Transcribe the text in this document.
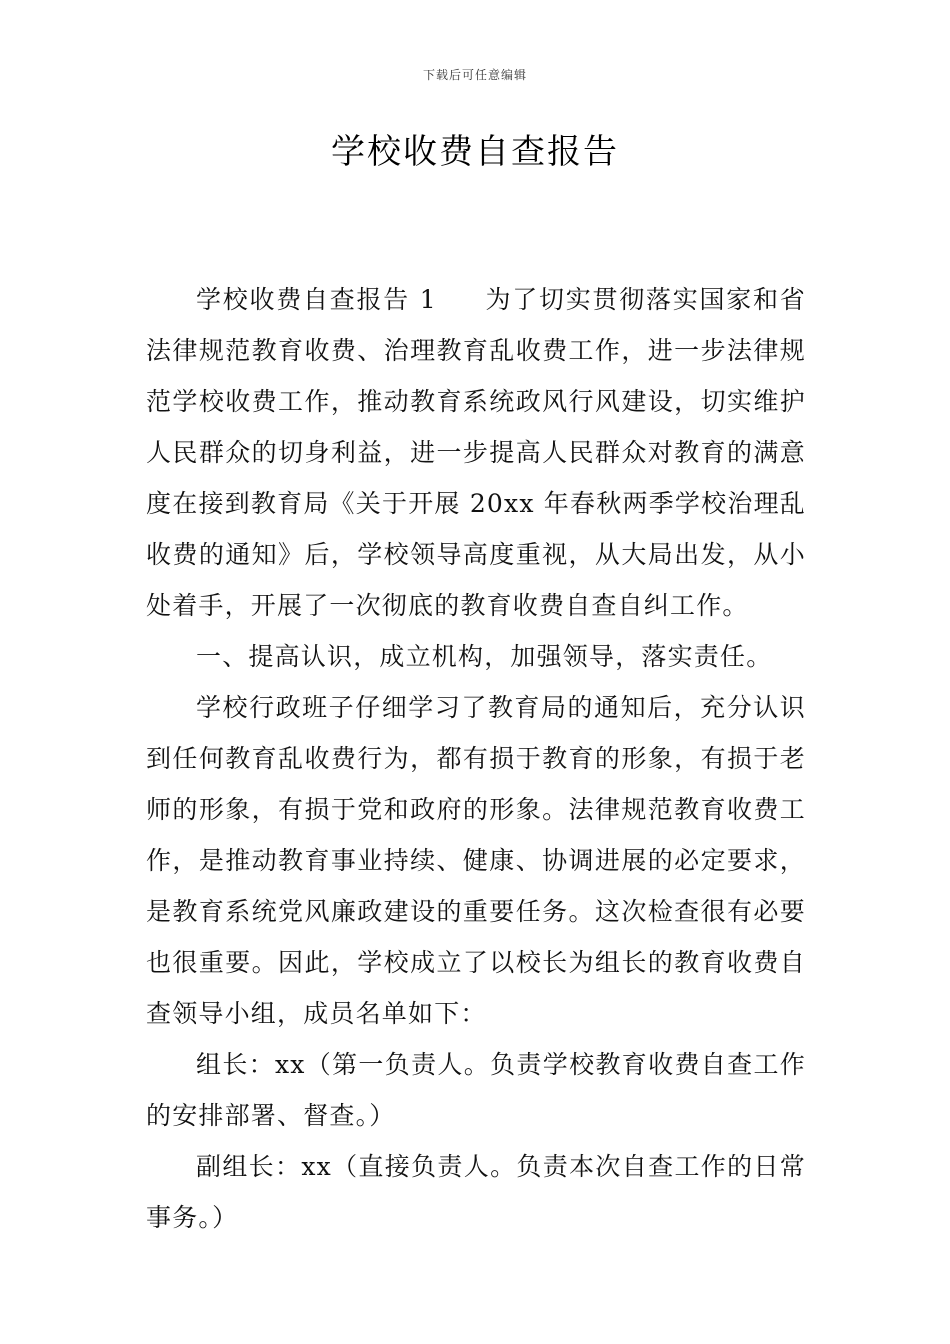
下载后可任意编辑
学校收费自查报告

学校收费自查报告 1 为了切实贯彻落实国家和省法律规范教育收费、治理教育乱收费工作，进一步法律规范学校收费工作，推动教育系统政风行风建设，切实维护人民群众的切身利益，进一步提高人民群众对教育的满意度在接到教育局《关于开展 20xx 年春秋两季学校治理乱收费的通知》后，学校领导高度重视，从大局出发，从小处着手，开展了一次彻底的教育收费自查自纠工作。

一、提高认识，成立机构，加强领导，落实责任。

学校行政班子仔细学习了教育局的通知后，充分认识到任何教育乱收费行为，都有损于教育的形象，有损于老师的形象，有损于党和政府的形象。法律规范教育收费工作，是推动教育事业持续、健康、协调进展的必定要求，是教育系统党风廉政建设的重要任务。这次检查很有必要也很重要。因此，学校成立了以校长为组长的教育收费自查领导小组，成员名单如下：

组长：xx（第一负责人。负责学校教育收费自查工作的安排部署、督查。）

副组长：xx（直接负责人。负责本次自查工作的日常事务。）
